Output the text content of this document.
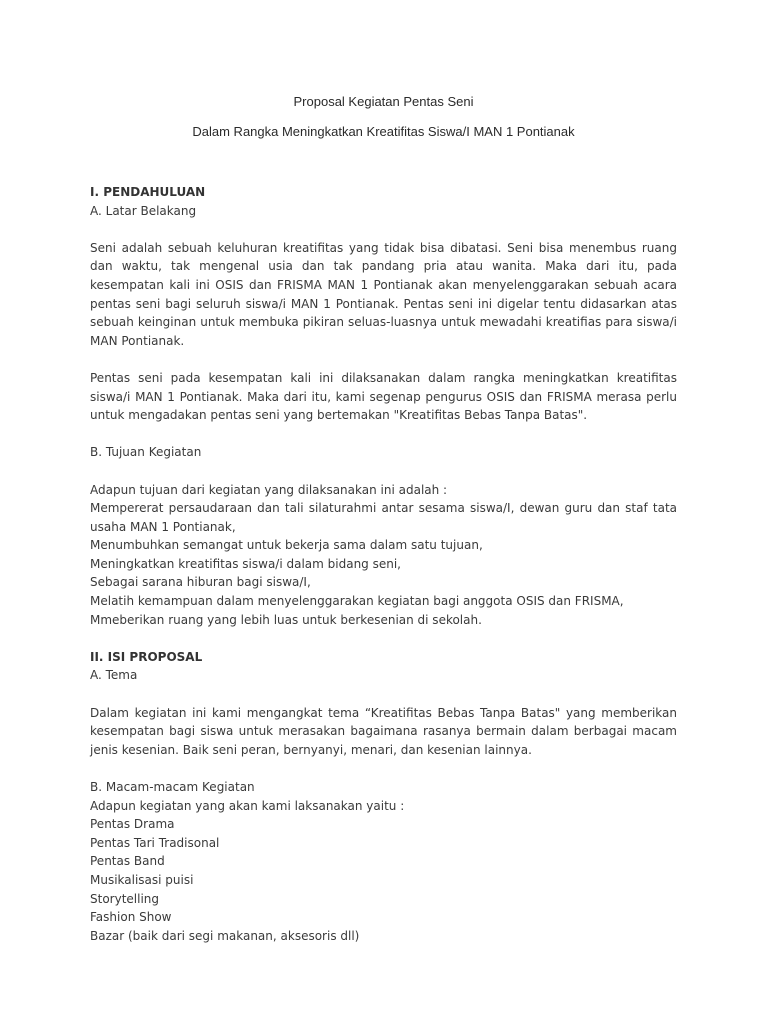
Proposal Kegiatan Pentas Seni

Dalam Rangka Meningkatkan Kreatifitas Siswa/I MAN 1 Pontianak

I. PENDAHULUAN

A. Latar Belakang

Seni adalah sebuah keluhuran kreatifitas yang tidak bisa dibatasi. Seni bisa menembus ruang dan waktu, tak mengenal usia dan tak pandang pria atau wanita. Maka dari itu, pada kesempatan kali ini OSIS dan FRISMA MAN 1 Pontianak akan menyelenggarakan sebuah acara pentas seni bagi seluruh siswa/i MAN 1 Pontianak. Pentas seni ini digelar tentu didasarkan atas sebuah keinginan untuk membuka pikiran seluas-luasnya untuk mewadahi kreatifias para siswa/i MAN Pontianak.

Pentas seni pada kesempatan kali ini dilaksanakan dalam rangka meningkatkan kreatifitas siswa/i MAN 1 Pontianak. Maka dari itu, kami segenap pengurus OSIS dan FRISMA merasa perlu untuk mengadakan pentas seni yang bertemakan "Kreatifitas Bebas Tanpa Batas".

B. Tujuan Kegiatan

Adapun tujuan dari kegiatan yang dilaksanakan ini adalah :

Mempererat persaudaraan dan tali silaturahmi antar sesama siswa/I, dewan guru dan staf tata usaha MAN 1 Pontianak,

Menumbuhkan semangat untuk bekerja sama dalam satu tujuan,

Meningkatkan kreatifitas siswa/i dalam bidang seni,

Sebagai sarana hiburan bagi siswa/I,

Melatih kemampuan dalam menyelenggarakan kegiatan bagi anggota OSIS dan FRISMA,

Mmeberikan ruang yang lebih luas untuk berkesenian di sekolah.

II. ISI PROPOSAL

A. Tema

Dalam kegiatan ini kami mengangkat tema “Kreatifitas Bebas Tanpa Batas" yang memberikan kesempatan bagi siswa untuk merasakan bagaimana rasanya bermain dalam berbagai macam jenis kesenian. Baik seni peran, bernyanyi, menari, dan kesenian lainnya.

B. Macam-macam Kegiatan

Adapun kegiatan yang akan kami laksanakan yaitu :

Pentas Drama

Pentas Tari Tradisonal

Pentas Band

Musikalisasi puisi

Storytelling

Fashion Show

Bazar (baik dari segi makanan, aksesoris dll)
